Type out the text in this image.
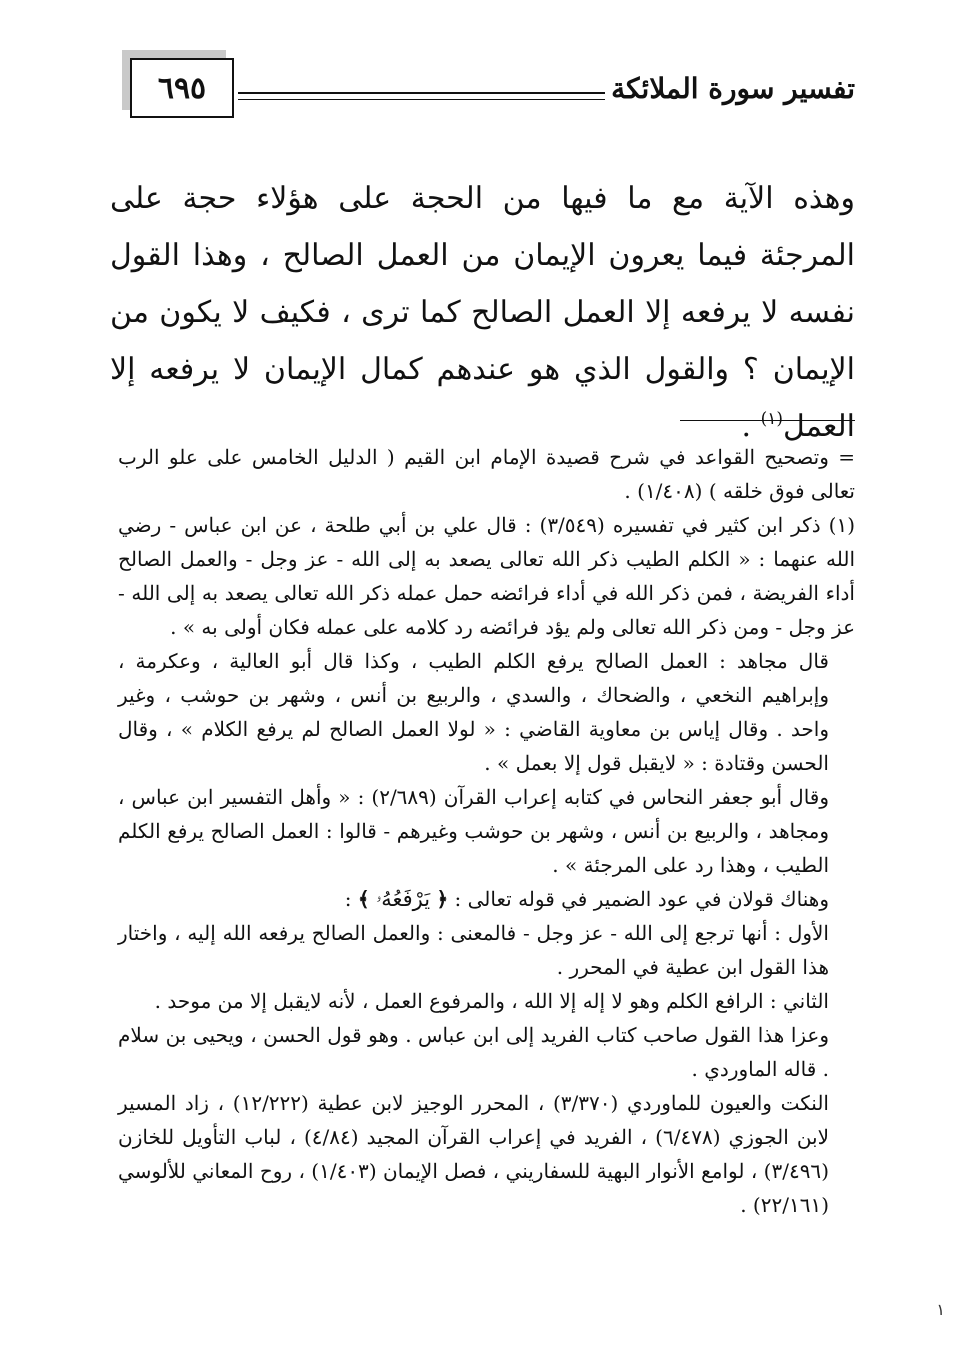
٦٩٥	تفسير سورة الملائكة

وهذه الآية مع ما فيها من الحجة على هؤلاء حجة على المرجئة فيما يعرون الإيمان من العمل الصالح ، وهذا القول نفسه لا يرفعه إلا العمل الصالح كما ترى ، فكيف لا يكون من الإيمان ؟ والقول الذي هو عندهم كمال الإيمان لا يرفعه إلا العمل$^{(١)}$ .

= وتصحيح القواعد في شرح قصيدة الإمام ابن القيم ( الدليل الخامس على علو الرب تعالى فوق خلقه ) (١/٤٠٨) .

(١) ذكر ابن كثير في تفسيره (٣/٥٤٩) : قال علي بن أبي طلحة ، عن ابن عباس - رضي الله عنهما : « الكلم الطيب ذكر الله تعالى يصعد به إلى الله - عز وجل - والعمل الصالح أداء الفريضة ، فمن ذكر الله في أداء فرائضه حمل عمله ذكر الله تعالى يصعد به إلى الله - عز وجل - ومن ذكر الله تعالى ولم يؤد فرائضه رد كلامه على عمله فكان أولى به » .

قال مجاهد : العمل الصالح يرفع الكلم الطيب ، وكذا قال أبو العالية ، وعكرمة ، وإبراهيم النخعي ، والضحاك ، والسدي ، والربيع بن أنس ، وشهر بن حوشب ، وغير واحد . وقال إياس بن معاوية القاضي : « لولا العمل الصالح لم يرفع الكلام » ، وقال الحسن وقتادة : « لايقبل قول إلا بعمل » .

وقال أبو جعفر النحاس في كتابه إعراب القرآن (٢/٦٨٩) : « وأهل التفسير ابن عباس ، ومجاهد ، والربيع بن أنس ، وشهر بن حوشب وغيرهم - قالوا : العمل الصالح يرفع الكلم الطيب ، وهذا رد على المرجئة » .

وهناك قولان في عود الضمير في قوله تعالى : ﴿ يَرْفَعُهُۥ ﴾ :

الأول : أنها ترجع إلى الله - عز وجل - فالمعنى : والعمل الصالح يرفعه الله إليه ، واختار هذا القول ابن عطية في المحرر .

الثاني : الرافع الكلم وهو لا إله إلا الله ، والمرفوع العمل ، لأنه لايقبل إلا من موحد .

وعزا هذا القول صاحب كتاب الفريد إلى ابن عباس . وهو قول الحسن ، ويحيى بن سلام . قاله الماوردي .

النكت والعيون للماوردي (٣/٣٧٠) ، المحرر الوجيز لابن عطية (١٢/٢٢٢) ، زاد المسير لابن الجوزي (٦/٤٧٨) ، الفريد في إعراب القرآن المجيد (٤/٨٤) ، لباب التأويل للخازن (٣/٤٩٦) ، لوامع الأنوار البهية للسفاريني ، فصل الإيمان (١/٤٠٣) ، روح المعاني للألوسي (٢٢/١٦١) .

١
